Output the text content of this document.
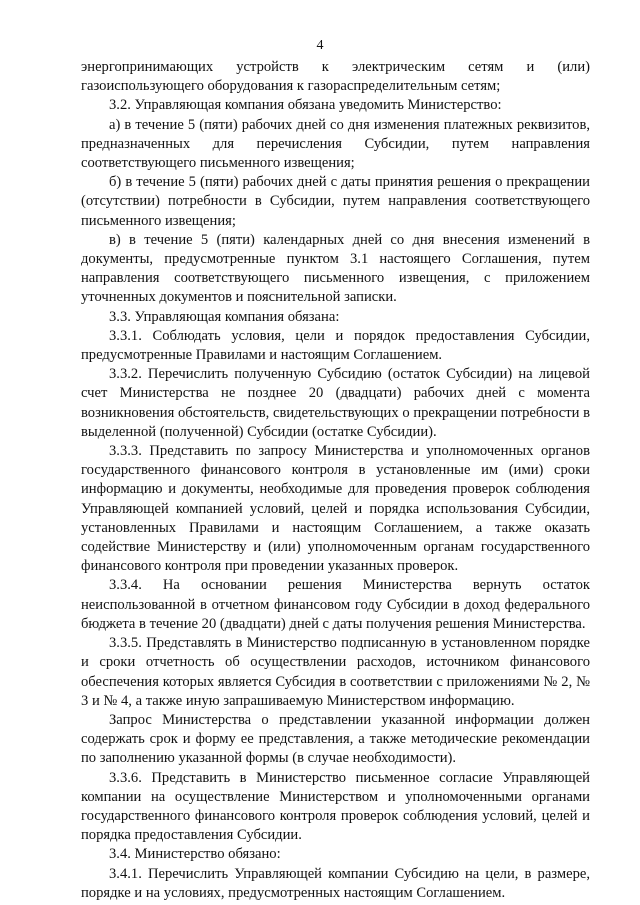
4

энергопринимающих устройств к электрическим сетям и (или) газоиспользующего оборудования к газораспределительным сетям;

3.2. Управляющая компания обязана уведомить Министерство:

а) в течение 5 (пяти) рабочих дней со дня изменения платежных реквизитов, предназначенных для перечисления Субсидии, путем направления соответствующего письменного извещения;

б) в течение 5 (пяти) рабочих дней с даты принятия решения о прекращении (отсутствии) потребности в Субсидии, путем направления соответствующего письменного извещения;

в) в течение 5 (пяти) календарных дней со дня внесения изменений в документы, предусмотренные пунктом 3.1 настоящего Соглашения, путем направления соответствующего письменного извещения, с приложением уточненных документов и пояснительной записки.

3.3. Управляющая компания обязана:

3.3.1. Соблюдать условия, цели и порядок предоставления Субсидии, предусмотренные Правилами и настоящим Соглашением.

3.3.2. Перечислить полученную Субсидию (остаток Субсидии) на лицевой счет Министерства не позднее 20 (двадцати) рабочих дней с момента возникновения обстоятельств, свидетельствующих о прекращении потребности в выделенной (полученной) Субсидии (остатке Субсидии).

3.3.3. Представить по запросу Министерства и уполномоченных органов государственного финансового контроля в установленные им (ими) сроки информацию и документы, необходимые для проведения проверок соблюдения Управляющей компанией условий, целей и порядка использования Субсидии, установленных Правилами и настоящим Соглашением, а также оказать содействие Министерству и (или) уполномоченным органам государственного финансового контроля при проведении указанных проверок.

3.3.4. На основании решения Министерства вернуть остаток неиспользованной в отчетном финансовом году Субсидии в доход федерального бюджета в течение 20 (двадцати) дней с даты получения решения Министерства.

3.3.5. Представлять в Министерство подписанную в установленном порядке и сроки отчетность об осуществлении расходов, источником финансового обеспечения которых является Субсидия в соответствии с приложениями № 2, № 3 и № 4, а также иную запрашиваемую Министерством информацию.

Запрос Министерства о представлении указанной информации должен содержать срок и форму ее представления, а также методические рекомендации по заполнению указанной формы (в случае необходимости).

3.3.6. Представить в Министерство письменное согласие Управляющей компании на осуществление Министерством и уполномоченными органами государственного финансового контроля проверок соблюдения условий, целей и порядка предоставления Субсидии.

3.4. Министерство обязано:

3.4.1. Перечислить Управляющей компании Субсидию на цели, в размере, порядке и на условиях, предусмотренных настоящим Соглашением.
